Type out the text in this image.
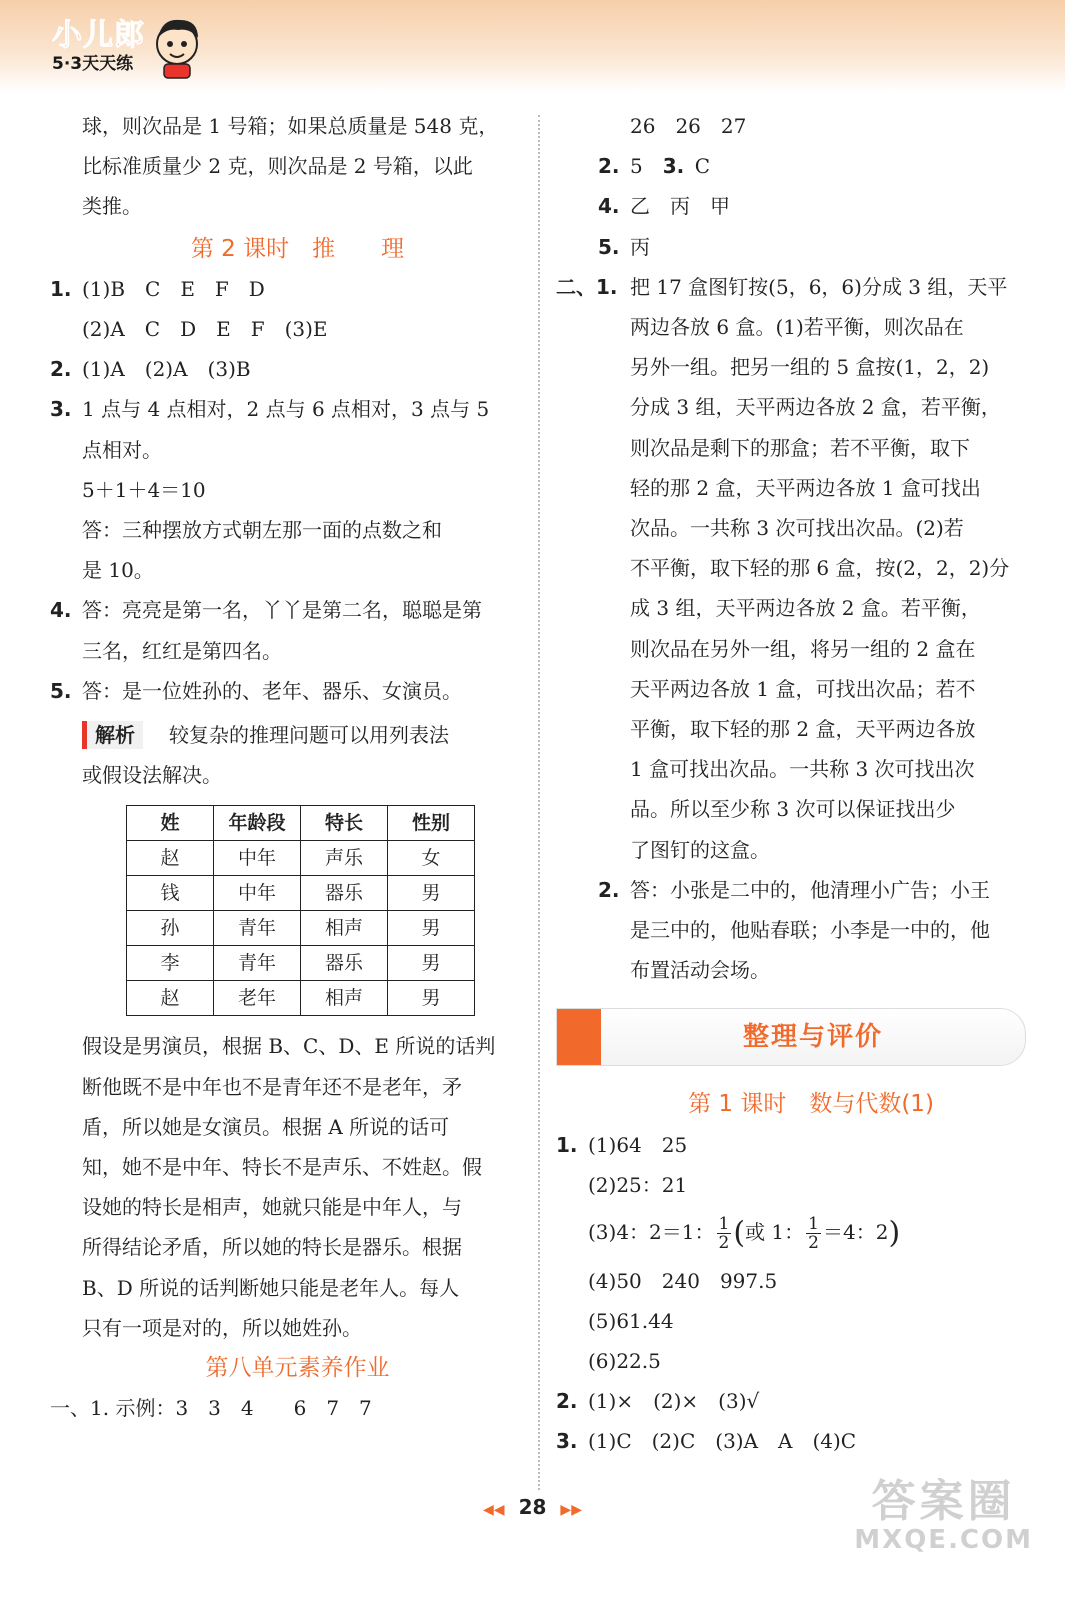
小儿郎
5·3天天练
球，则次品是 1 号箱；如果总质量是 548 克，
比标准质量少 2 克，则次品是 2 号箱，以此
类推。
第 2 课时　推　　理
1. (1)B　C　E　F　D
(2)A　C　D　E　F　(3)E
2. (1)A　(2)A　(3)B
3. 1 点与 4 点相对，2 点与 6 点相对，3 点与 5
点相对。
5＋1＋4＝10
答：三种摆放方式朝左那一面的点数之和
是 10。
4. 答：亮亮是第一名，丫丫是第二名，聪聪是第
三名，红红是第四名。
5. 答：是一位姓孙的、老年、器乐、女演员。
解析 较复杂的推理问题可以用列表法
或假设法解决。
姓	年龄段	特长	性别
赵	中年	声乐	女
钱	中年	器乐	男
孙	青年	相声	男
李	青年	器乐	男
赵	老年	相声	男
假设是男演员，根据 B、C、D、E 所说的话判
断他既不是中年也不是青年还不是老年，矛
盾，所以她是女演员。根据 A 所说的话可
知，她不是中年、特长不是声乐、不姓赵。假
设她的特长是相声，她就只能是中年人，与
所得结论矛盾，所以她的特长是器乐。根据
B、D 所说的话判断她只能是老年人。每人
只有一项是对的，所以她姓孙。
第八单元素养作业
一、1. 示例：3　3　4　　6　7　7
26　26　27
2. 5　3. C
4. 乙　丙　甲
5. 丙
二、1. 把 17 盒图钉按(5，6，6)分成 3 组，天平
两边各放 6 盒。(1)若平衡，则次品在
另外一组。把另一组的 5 盒按(1，2，2)
分成 3 组，天平两边各放 2 盒，若平衡，
则次品是剩下的那盒；若不平衡，取下
轻的那 2 盒，天平两边各放 1 盒可找出
次品。一共称 3 次可找出次品。(2)若
不平衡，取下轻的那 6 盒，按(2，2，2)分
成 3 组，天平两边各放 2 盒。若平衡，
则次品在另外一组，将另一组的 2 盒在
天平两边各放 1 盒，可找出次品；若不
平衡，取下轻的那 2 盒，天平两边各放
1 盒可找出次品。一共称 3 次可找出次
品。所以至少称 3 次可以保证找出少
了图钉的这盒。
2. 答：小张是二中的，他清理小广告；小王
是三中的，他贴春联；小李是一中的，他
布置活动会场。
整理与评价
第 1 课时　数与代数(1)
1. (1)64　25
(2)25：21
(3)4：2＝1： $\frac{1}{2}$ (或 1： $\frac{1}{2} =4$：2)
(4)50　240　997.5
(5)61.44
(6)22.5
2. (1)×　(2)×　(3)√
3. (1)C　(2)C　(3)A　A　(4)C
◀◀ 28 ▶▶	答案圈
MXQE.COM
